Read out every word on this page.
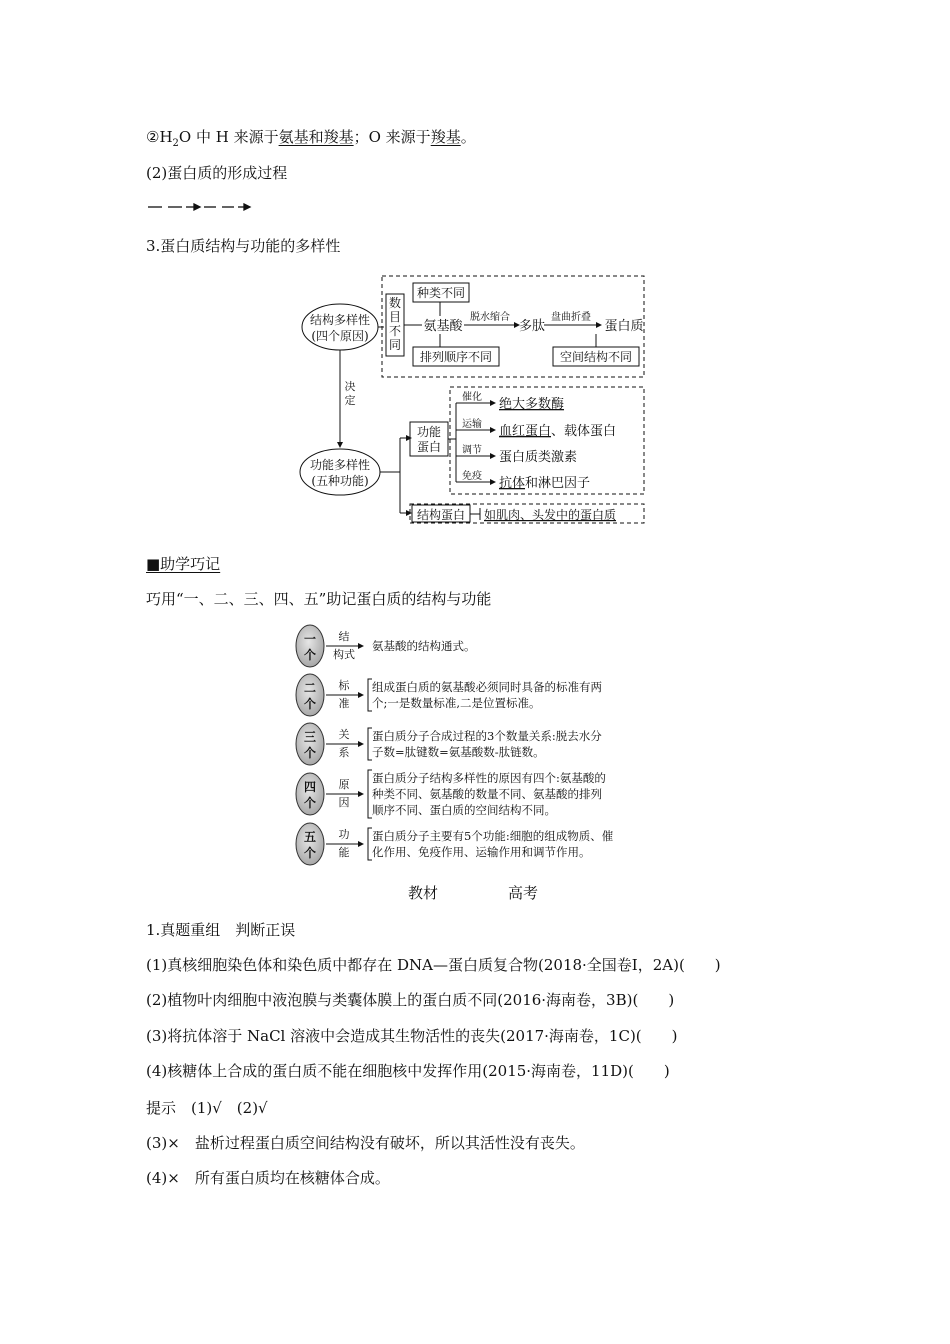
$②H_2O$ 中 H 来源于氨基和羧基；O 来源于羧基。
(2)蛋白质的形成过程
3.蛋白质结构与功能的多样性
结构多样性
(四个原因)
数
目
不
同
种类不同
氨基酸
脱水缩合
多肽
盘曲折叠
蛋白质
排列顺序不同	空间结构不同
决
定
功能多样性
(五种功能)
功能
蛋白
催化 绝大多数酶
运输 血红蛋白 、载体蛋白
调节 蛋白质类激素
免疫 抗体 和淋巴因子
结构蛋白 如肌肉、头发中的蛋白质
■助学巧记
巧用“一、二、三、四、五”助记蛋白质的结构与功能
一
个
结
构式
氨基酸的结构通式。
二
个
标
准
组成蛋白质的氨基酸必须同时具备的标准有两
个;一是数量标准,二是位置标准。
三
个
关
系
蛋白质分子合成过程的3个数量关系:脱去水分
子数=肽键数=氨基酸数-肽链数。
四
个
原
因
蛋白质分子结构多样性的原因有四个:氨基酸的
种类不同、氨基酸的数量不同、氨基酸的排列
顺序不同、蛋白质的空间结构不同。
五
个
功
能
蛋白质分子主要有5个功能:细胞的组成物质、催
化作用、免疫作用、运输作用和调节作用。
教材	高考
1.真题重组　判断正误
(1)真核细胞染色体和染色质中都存在 DNA—蛋白质复合物(2018·全国卷Ⅰ，2A)(　　)
(2)植物叶肉细胞中液泡膜与类囊体膜上的蛋白质不同(2016·海南卷，3B)(　　)
(3)将抗体溶于 NaCl 溶液中会造成其生物活性的丧失(2017·海南卷，1C)(　　)
(4)核糖体上合成的蛋白质不能在细胞核中发挥作用(2015·海南卷，11D)(　　)
提示　(1)√　(2)√
(3)×　盐析过程蛋白质空间结构没有破坏，所以其活性没有丧失。
(4)×　所有蛋白质均在核糖体合成。
